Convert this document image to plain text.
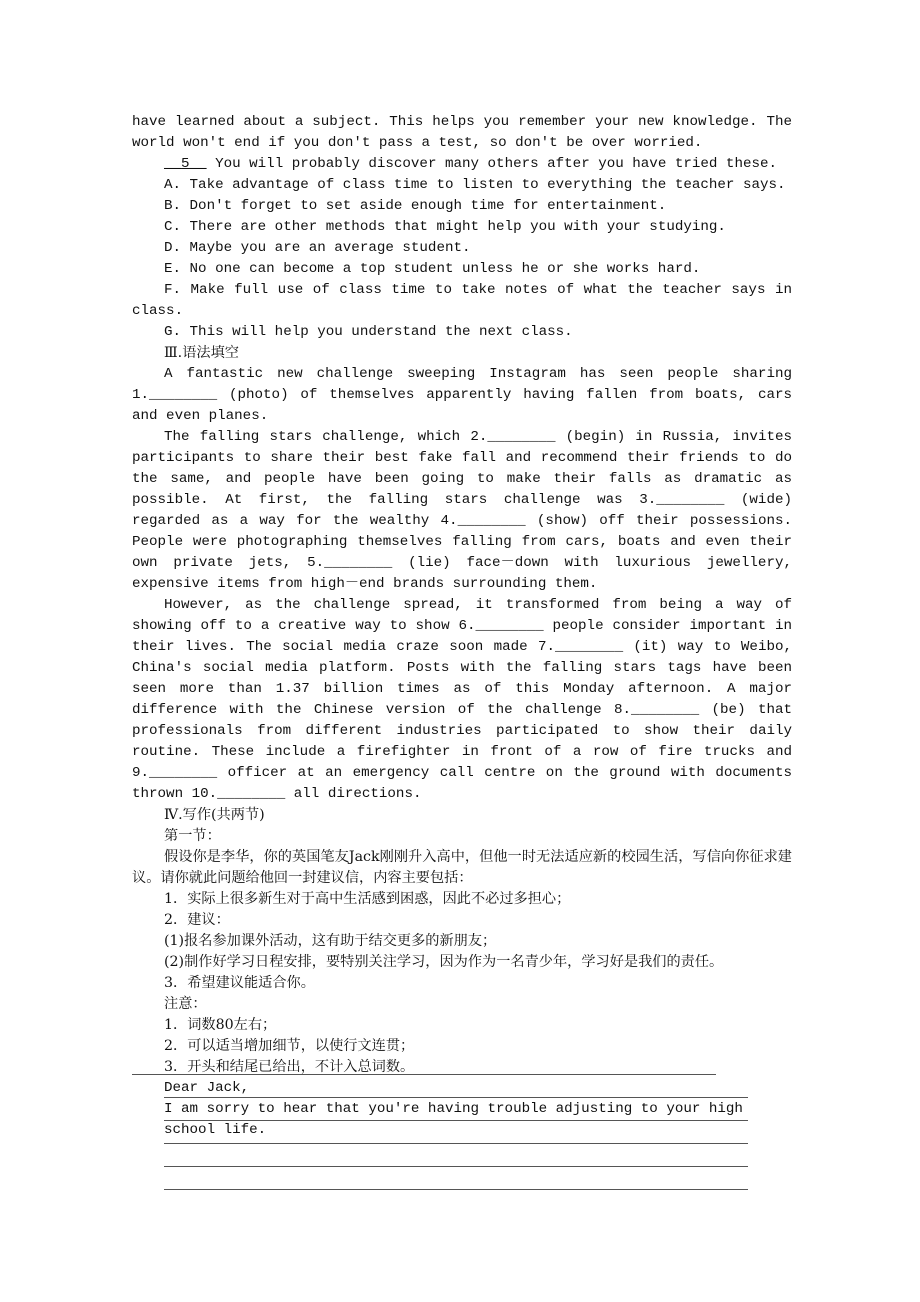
have learned about a subject. This helps you remember your new knowledge. The world won't end if you don't pass a test, so don't be over worried.

__5__ You will probably discover many others after you have tried these.

A. Take advantage of class time to listen to everything the teacher says.

B. Don't forget to set aside enough time for entertainment.

C. There are other methods that might help you with your studying.

D. Maybe you are an average student.

E. No one can become a top student unless he or she works hard.

F. Make full use of class time to take notes of what the teacher says in class.

G. This will help you understand the next class.

Ⅲ.语法填空

A fantastic new challenge sweeping Instagram has seen people sharing 1.________ (photo) of themselves apparently having fallen from boats, cars and even planes.

The falling stars challenge, which 2.________ (begin) in Russia, invites participants to share their best fake fall and recommend their friends to do the same, and people have been going to make their falls as dramatic as possible. At first, the falling stars challenge was 3.________ (wide) regarded as a way for the wealthy 4.________ (show) off their possessions. People were photographing themselves falling from cars, boats and even their own private jets, 5.________ (lie) face－down with luxurious jewellery, expensive items from high－end brands surrounding them.

However, as the challenge spread, it transformed from being a way of showing off to a creative way to show 6.________ people consider important in their lives. The social media craze soon made 7.________ (it) way to Weibo, China's social media platform. Posts with the falling stars tags have been seen more than 1.37 billion times as of this Monday afternoon. A major difference with the Chinese version of the challenge 8.________ (be) that professionals from different industries participated to show their daily routine. These include a firefighter in front of a row of fire trucks and 9.________ officer at an emergency call centre on the ground with documents thrown 10.________ all directions.

Ⅳ.写作(共两节)

第一节：

假设你是李华，你的英国笔友Jack刚刚升入高中，但他一时无法适应新的校园生活，写信向你征求建议。请你就此问题给他回一封建议信，内容主要包括：

1．实际上很多新生对于高中生活感到困惑，因此不必过多担心；

2．建议：

(1)报名参加课外活动，这有助于结交更多的新朋友；

(2)制作好学习日程安排，要特别关注学习，因为作为一名青少年，学习好是我们的责任。

3．希望建议能适合你。

注意：

1．词数80左右；

2．可以适当增加细节，以使行文连贯；

3．开头和结尾已给出，不计入总词数。

Dear Jack,

I am sorry to hear that you're having trouble adjusting to your high school life.
